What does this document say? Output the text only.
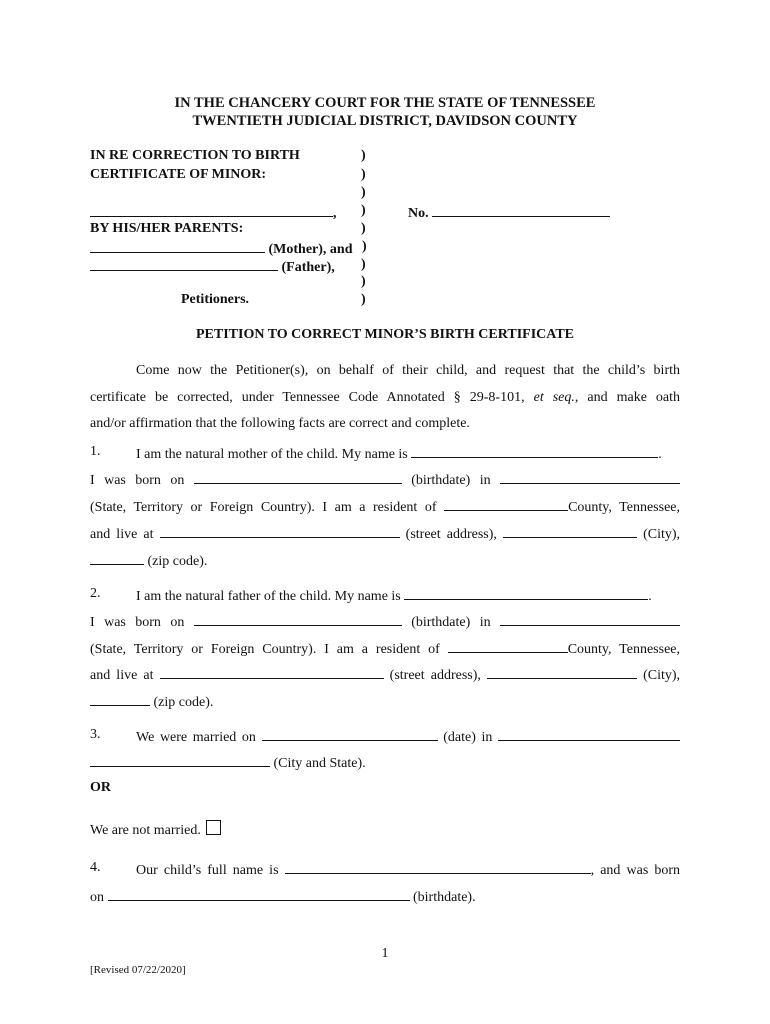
IN THE CHANCERY COURT FOR THE STATE OF TENNESSEE
TWENTIETH JUDICIAL DISTRICT, DAVIDSON COUNTY
IN RE CORRECTION TO BIRTH
CERTIFICATE OF MINOR:
,
BY HIS/HER PARENTS:
(Mother), and
(Father),
Petitioners.
)
)
)
)
)
)
)
)
)
No.
PETITION TO CORRECT MINOR’S BIRTH CERTIFICATE
Come now the Petitioner(s), on behalf of their child, and request that the child’s birth
certificate be corrected, under Tennessee Code Annotated § 29-8-101, et seq., and make oath
and/or affirmation that the following facts are correct and complete.
1.	I am the natural mother of the child. My name is	.
I was born on	(birthdate) in
(State, Territory or Foreign Country). I am a resident of	County, Tennessee,
and live at	(street address),	(City),
(zip code).
2.	I am the natural father of the child. My name is	.
I was born on	(birthdate) in
(State, Territory or Foreign Country). I am a resident of	County, Tennessee,
and live at	(street address),	(City),
(zip code).
3.	We were married on	(date) in
(City and State).
OR
We are not married.
4.	Our child’s full name is	, and was born
on	(birthdate).
1
[Revised 07/22/2020]
